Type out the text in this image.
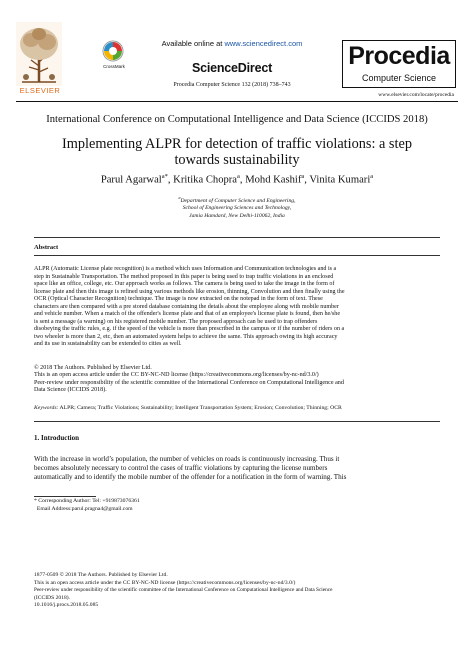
ELSEVIER
CrossMark
Available online at www.sciencedirect.com
ScienceDirect
Procedia Computer Science 132 (2018) 738–743
Procedia
Computer Science
www.elsevier.com/locate/procedia
International Conference on Computational Intelligence and Data Science (ICCIDS 2018)
Implementing ALPR for detection of traffic violations: a step
towards sustainability
Parul Agarwal$^{a*}$, Kritika Chopra$^a$, Mohd Kashif$^a$, Vinita Kumari$^a$
$^a$Department of Computer Science and Engineering,
School of Engineering Sciences and Technology,
Jamia Hamdard, New Delhi-110062, India
Abstract
ALPR (Automatic License plate recognition) is a method which uses Information and Communication technologies and is a
step in Sustainable Transportation. The method proposed in this paper is being used to trap traffic violations in an enclosed
space like an office, college, etc. Our approach works as follows. The camera is being used to take the image in the form of
license plate and then this image is refined using various methods like erosion, thinning, Convolution and then finally using the
OCR (Optical Character Recognition) technique. The image is now extracted on the notepad in the form of text. These
characters are then compared with a pre stored database containing the details about the employee along with mobile number
and vehicle number. When a match of the offender's license plate and that of an employee's license plate is found, then he/she
is sent a message (a warning) on his registered mobile number. The proposed approach can be used to trap offenders
disobeying the traffic rules, e.g. if the speed of the vehicle is more than prescribed in the campus or if the number of riders on a
two wheeler is more than 2, etc, then an automated system helps to achieve the same. This approach owing its high accuracy
and its use in sustainability can be extended to cities as well.
© 2018 The Authors. Published by Elsevier Ltd.
This is an open access article under the CC BY-NC-ND license (https://creativecommons.org/licenses/by-nc-nd/3.0/)
Peer-review under responsibility of the scientific committee of the International Conference on Computational Intelligence and
Data Science (ICCIDS 2018).
Keywords: ALPR; Camera; Traffic Violations; Sustainability; Intelligent Transportation System; Erosion; Convolution; Thinning; OCR
1. Introduction
With the increase in world’s population, the number of vehicles on roads is continuously increasing. Thus it
becomes absolutely necessary to control the cases of traffic violations by capturing the license numbers
automatically and to identify the mobile number of the offender for a notification in the form of warning. This
* Corresponding Author: Tel: +919873076361
Email Address:parul.pragna4@gmail.com
1877-0509 © 2018 The Authors. Published by Elsevier Ltd.
This is an open access article under the CC BY-NC-ND license (https://creativecommons.org/licenses/by-nc-nd/3.0/)
Peer-review under responsibility of the scientific committee of the International Conference on Computational Intelligence and Data Science
(ICCIDS 2018).
10.1016/j.procs.2018.05.085
